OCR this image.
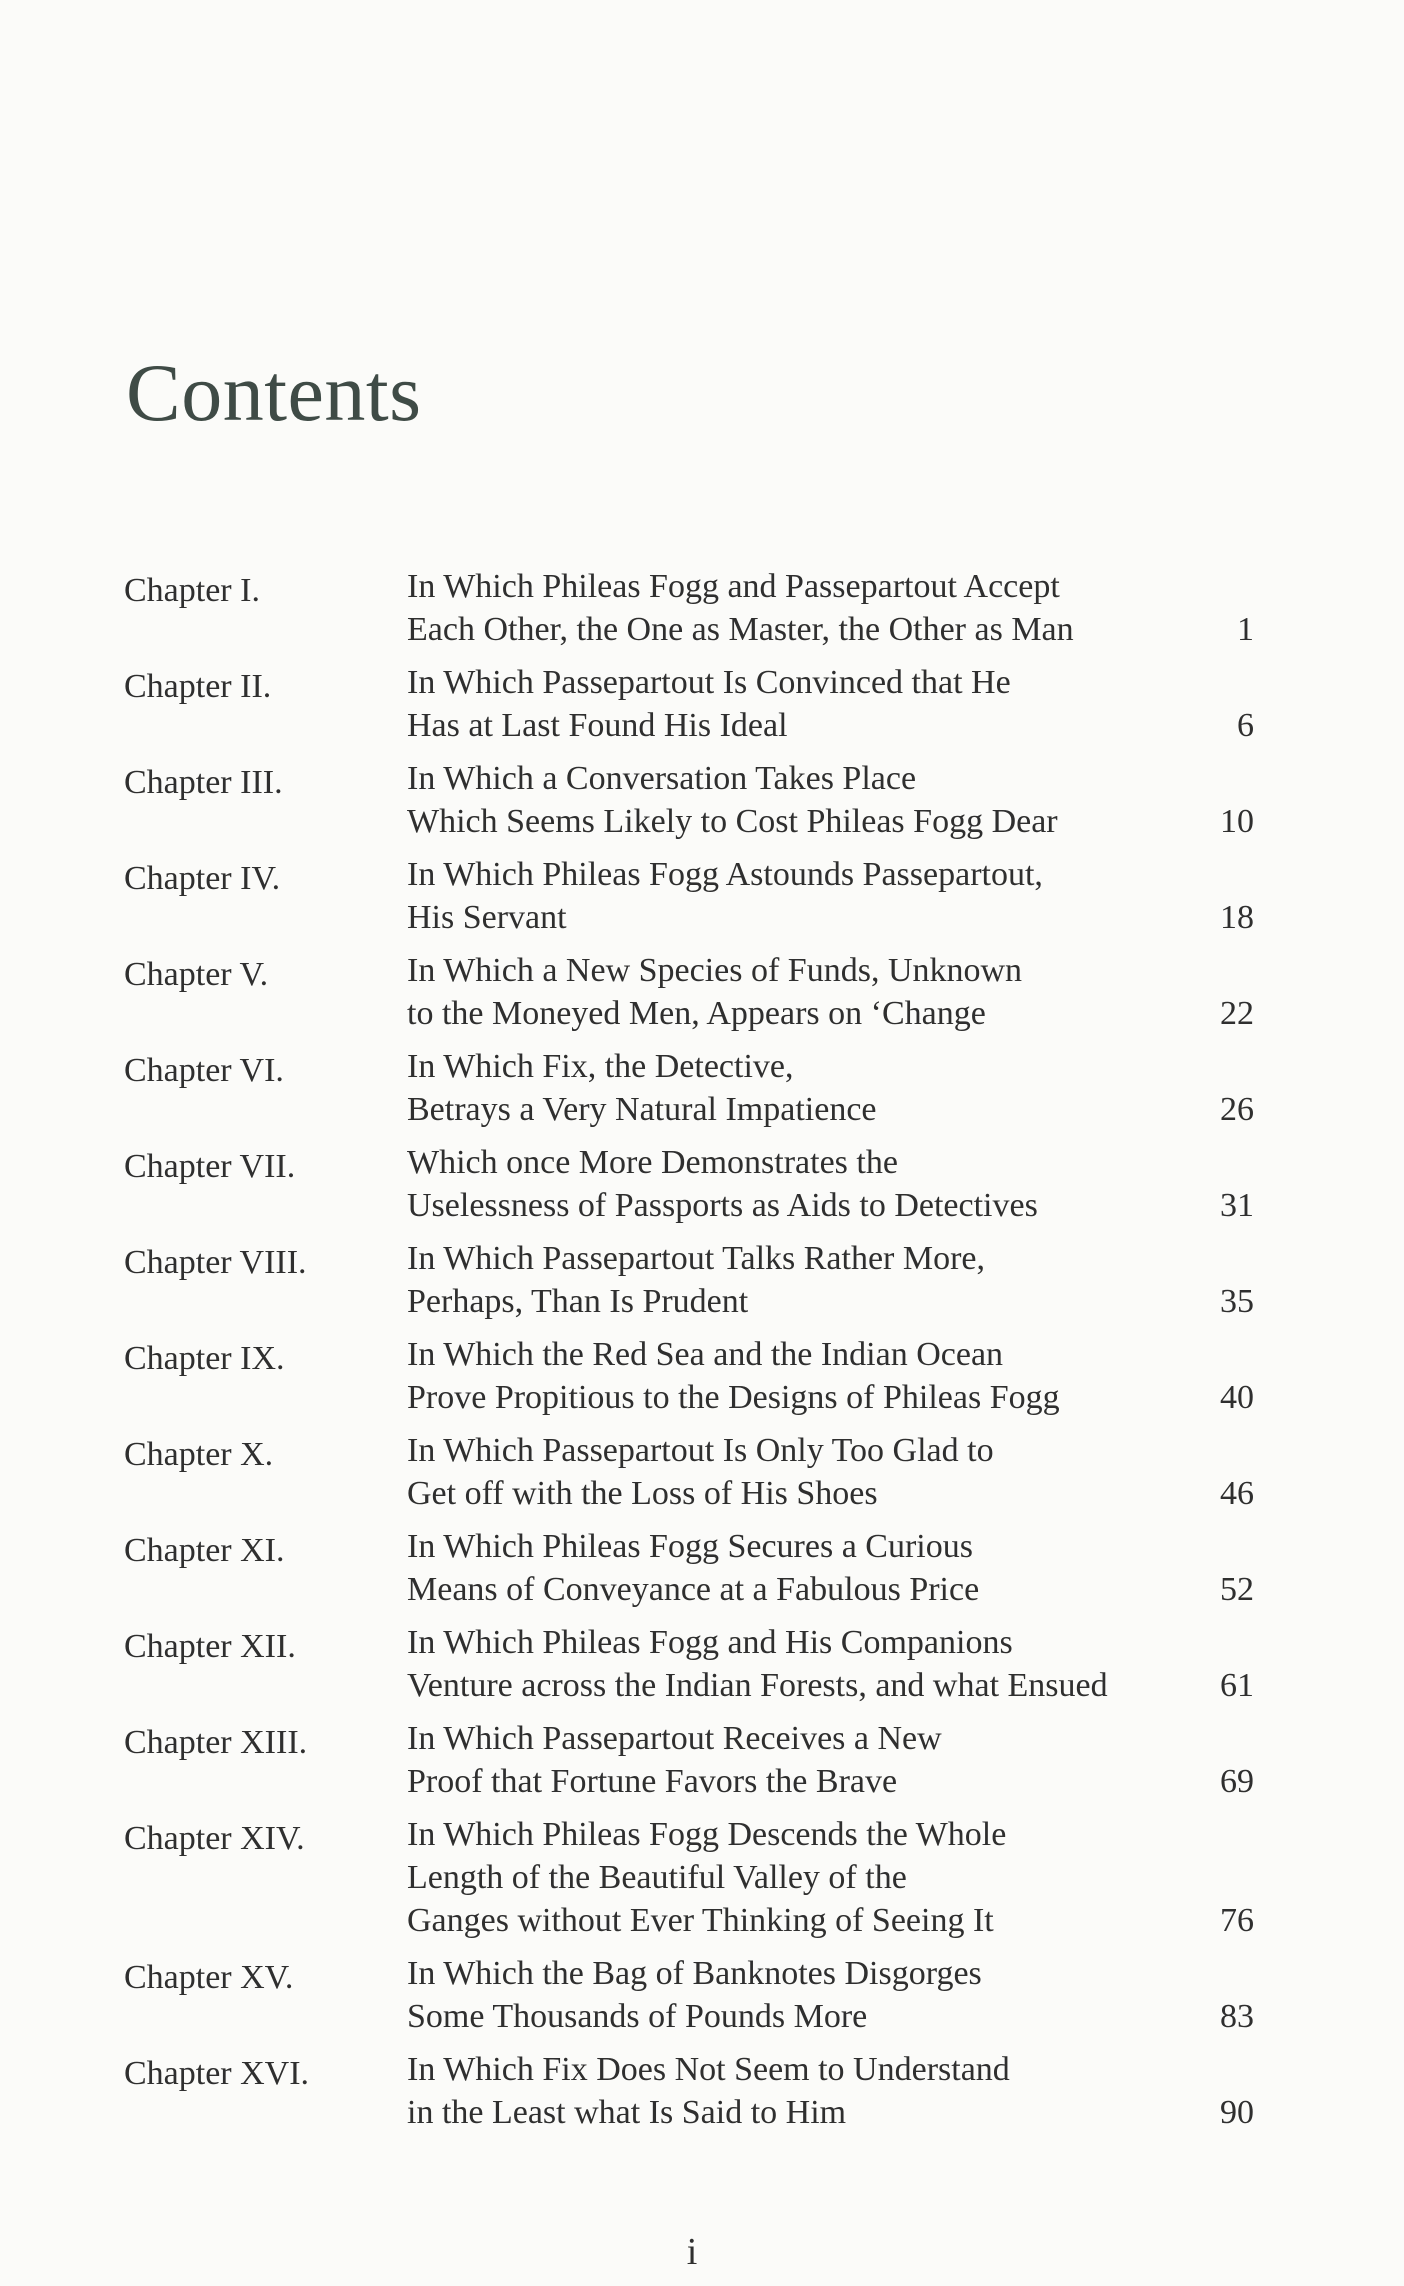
Contents
Chapter I.	In Which Phileas Fogg and Passepartout Accept
Each Other, the One as Master, the Other as Man	1
Chapter II.	In Which Passepartout Is Convinced that He
Has at Last Found His Ideal	6
Chapter III.	In Which a Conversation Takes Place
Which Seems Likely to Cost Phileas Fogg Dear	10
Chapter IV.	In Which Phileas Fogg Astounds Passepartout,
His Servant	18
Chapter V.	In Which a New Species of Funds, Unknown
to the Moneyed Men, Appears on ‘Change	22
Chapter VI.	In Which Fix, the Detective,
Betrays a Very Natural Impatience	26
Chapter VII.	Which once More Demonstrates the
Uselessness of Passports as Aids to Detectives	31
Chapter VIII.	In Which Passepartout Talks Rather More,
Perhaps, Than Is Prudent	35
Chapter IX.	In Which the Red Sea and the Indian Ocean
Prove Propitious to the Designs of Phileas Fogg	40
Chapter X.	In Which Passepartout Is Only Too Glad to
Get off with the Loss of His Shoes	46
Chapter XI.	In Which Phileas Fogg Secures a Curious
Means of Conveyance at a Fabulous Price	52
Chapter XII.	In Which Phileas Fogg and His Companions
Venture across the Indian Forests, and what Ensued	61
Chapter XIII.	In Which Passepartout Receives a New
Proof that Fortune Favors the Brave	69
Chapter XIV.	In Which Phileas Fogg Descends the Whole
Length of the Beautiful Valley of the
Ganges without Ever Thinking of Seeing It	76
Chapter XV.	In Which the Bag of Banknotes Disgorges
Some Thousands of Pounds More	83
Chapter XVI.	In Which Fix Does Not Seem to Understand
in the Least what Is Said to Him	90
i
